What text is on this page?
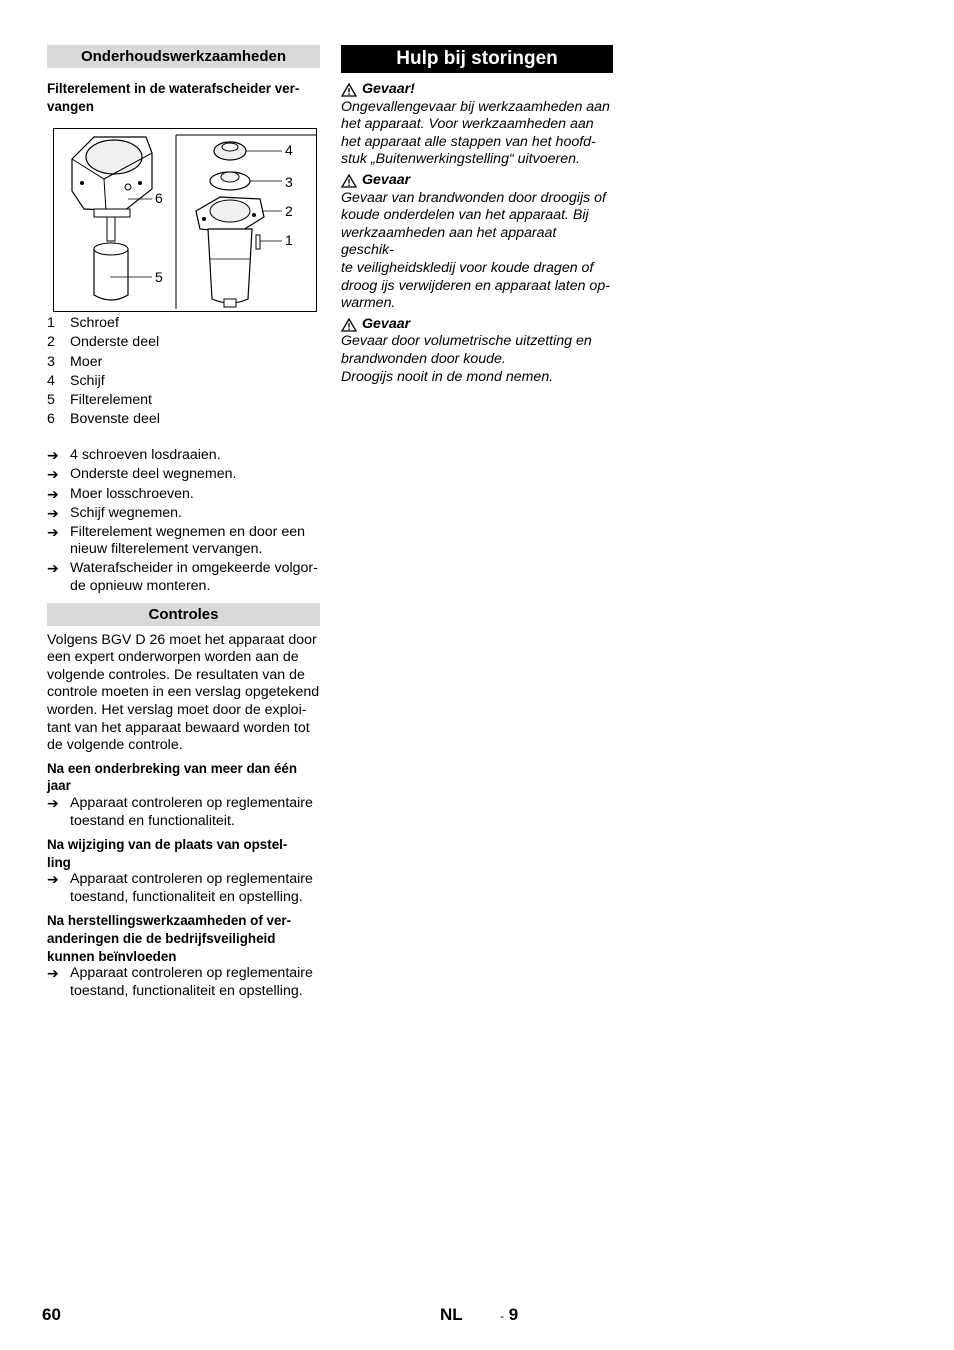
Onderhoudswerkzaamheden
Filterelement in de waterafscheider ver-
vangen
4
3
2
1
6
5
1	Schroef
2	Onderste deel
3	Moer
4	Schijf
5	Filterelement
6	Bovenste deel
➔ 4 schroeven losdraaien.
➔ Onderste deel wegnemen.
➔ Moer losschroeven.
➔ Schijf wegnemen.
➔ Filterelement wegnemen en door een nieuw filterelement vervangen.
➔ Waterafscheider in omgekeerde volgor-
de opnieuw monteren.
Controles

Volgens BGV D 26 moet het apparaat door een expert onderworpen worden aan de volgende controles. De resultaten van de controle moeten in een verslag opgetekend worden. Het verslag moet door de exploi- tant van het apparaat bewaard worden tot de volgende controle.

Na een onderbreking van meer dan één jaar
➔ Apparaat controleren op reglementaire toestand en functionaliteit.
Na wijziging van de plaats van opstel-
ling
➔ Apparaat controleren op reglementaire toestand, functionaliteit en opstelling.
Na herstellingswerkzaamheden of ver-
anderingen die de bedrijfsveiligheid kunnen beïnvloeden
➔ Apparaat controleren op reglementaire toestand, functionaliteit en opstelling.
Hulp bij storingen
Gevaar!

Ongevallengevaar bij werkzaamheden aan het apparaat. Voor werkzaamheden aan het apparaat alle stappen van het hoofd-
stuk „Buitenwerkingstelling“ uitvoeren.

Gevaar

Gevaar van brandwonden door droogijs of koude onderdelen van het apparaat. Bij werkzaamheden aan het apparaat geschik-
te veiligheidskledij voor koude dragen of droog ijs verwijderen en apparaat laten op-
warmen.

Gevaar

Gevaar door volumetrische uitzetting en brandwonden door koude.
Droogijs nooit in de mond nemen.

60	NL	- 9
